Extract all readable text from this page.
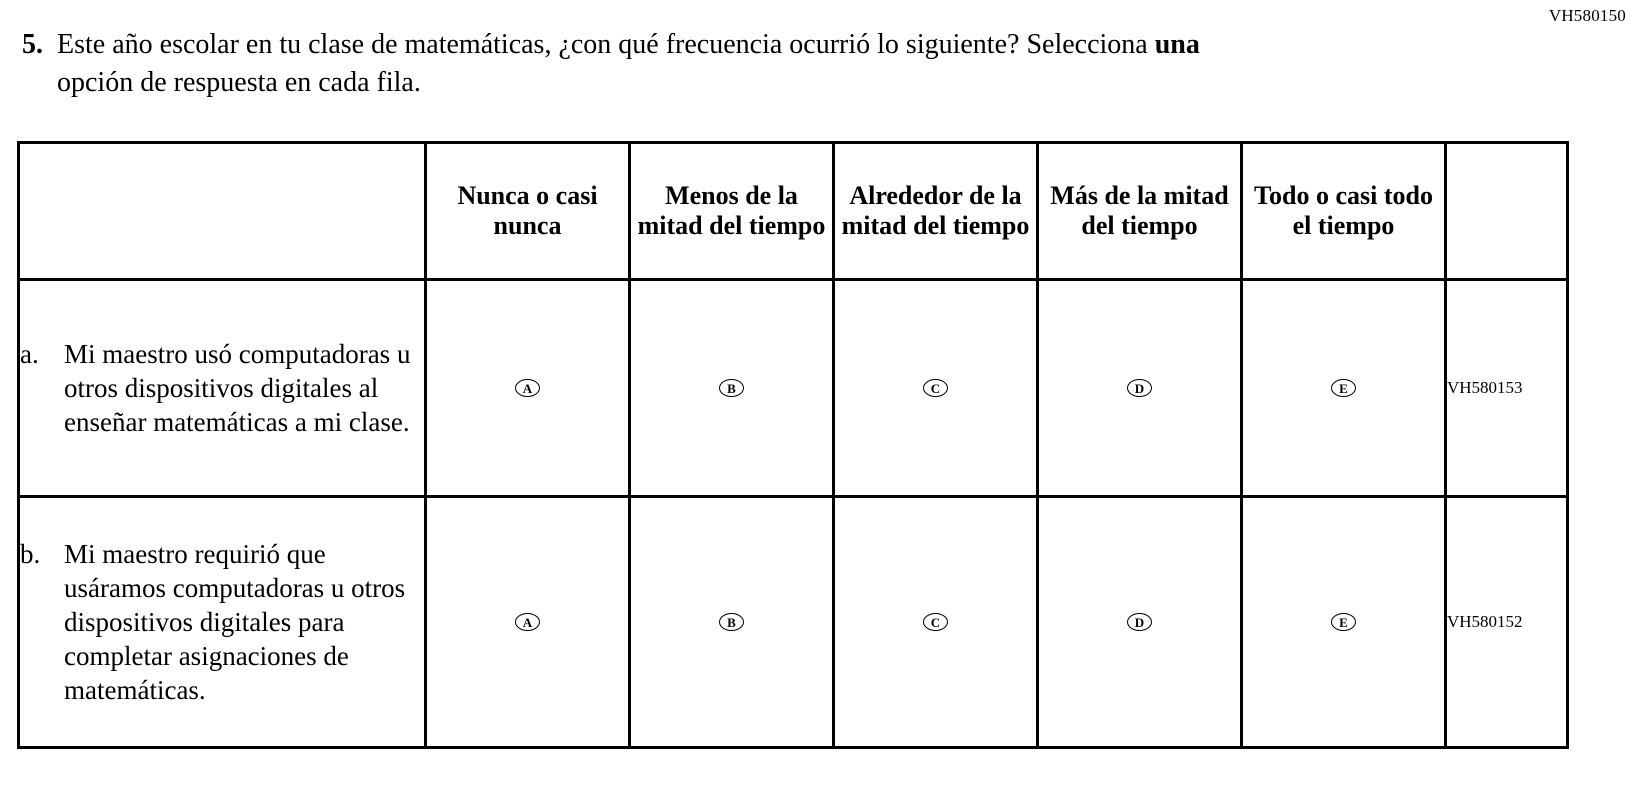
VH580150
5. Este año escolar en tu clase de matemáticas, ¿con qué frecuencia ocurrió lo siguiente? Selecciona una opción de respuesta en cada fila.
	Nunca o casi nunca	Menos de la mitad del tiempo	Alrededor de la mitad del tiempo	Más de la mitad del tiempo	Todo o casi todo el tiempo	

a. Mi maestro usó computadoras u otros dispositivos digitales al enseñar matemáticas a mi clase.	A	B	C	D	E	VH580153

b. Mi maestro requirió que usáramos computadoras u otros dispositivos digitales para completar asignaciones de matemáticas.	A	B	C	D	E	VH580152
